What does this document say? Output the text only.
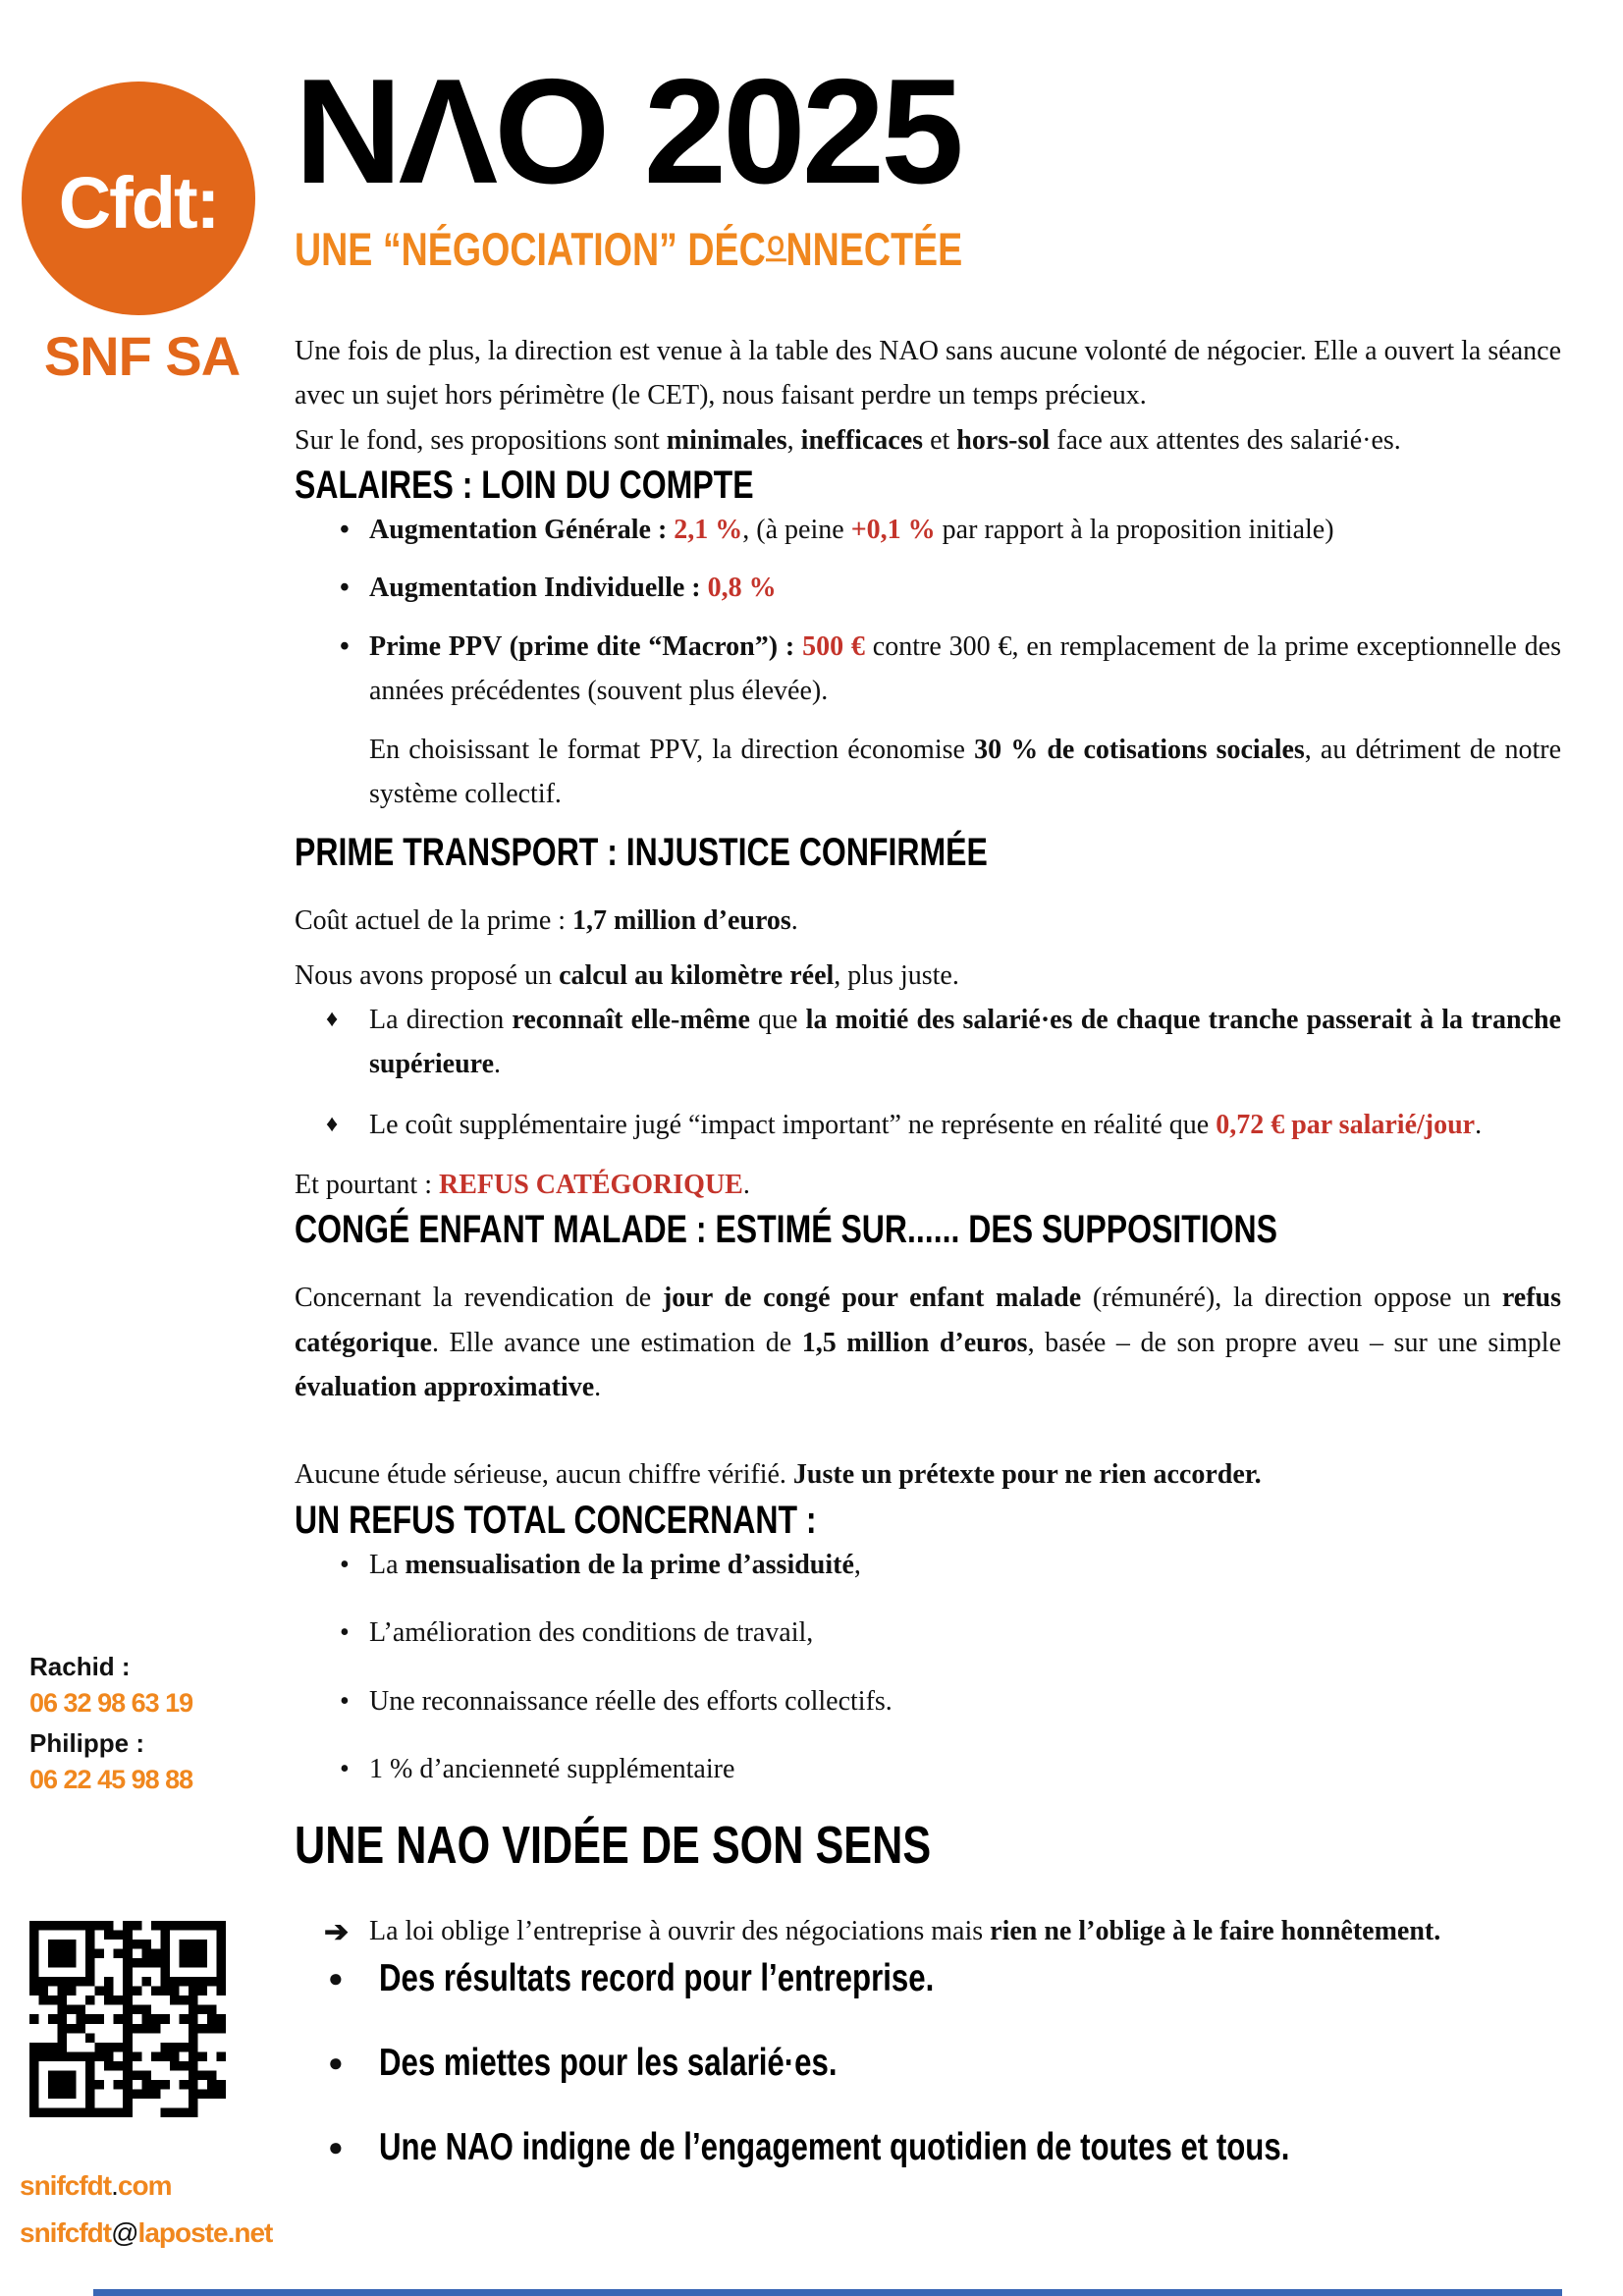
Cfdt:
SNF SA
Rachid :
06 32 98 63 19
Philippe :
06 22 45 98 88
snifcfdt.com
snifcfdt@laposte.net
NΛO 2025
UNE “NÉGOCIATION” DÉCONNECTÉE

Une fois de plus, la direction est venue à la table des NAO sans aucune volonté de négocier. Elle a ouvert la séance avec un sujet hors périmètre (le CET), nous faisant perdre un temps précieux.

Sur le fond, ses propositions sont minimales, inefficaces et hors-sol face aux attentes des salarié·es.

SALAIRES : LOIN DU COMPTE
• Augmentation Générale : 2,1 %, (à peine +0,1 % par rapport à la proposition initiale)
• Augmentation Individuelle : 0,8 %
• Prime PPV (prime dite “Macron”) : 500 € contre 300 €, en remplacement de la prime exceptionnelle des années précédentes (souvent plus élevée).

En choisissant le format PPV, la direction économise 30 % de cotisations sociales, au détriment de notre système collectif.

PRIME TRANSPORT : INJUSTICE CONFIRMÉE

Coût actuel de la prime : 1,7 million d’euros.

Nous avons proposé un calcul au kilomètre réel, plus juste.

♦	La direction reconnaît elle-même que la moitié des salarié·es de chaque tranche passerait à la tranche supérieure.
♦	Le coût supplémentaire jugé “impact important” ne représente en réalité que 0,72 € par salarié/jour.

Et pourtant : REFUS CATÉGORIQUE.

CONGÉ ENFANT MALADE : ESTIMÉ SUR...... DES SUPPOSITIONS

Concernant la revendication de jour de congé pour enfant malade (rémunéré), la direction oppose un refus catégorique. Elle avance une estimation de 1,5 million d’euros, basée – de son propre aveu – sur une simple évaluation approximative.

Aucune étude sérieuse, aucun chiffre vérifié. Juste un prétexte pour ne rien accorder.

UN REFUS TOTAL CONCERNANT :
• La mensualisation de la prime d’assiduité,
• L’amélioration des conditions de travail,
• Une reconnaissance réelle des efforts collectifs.
• 1 % d’ancienneté supplémentaire
UNE NAO VIDÉE DE SON SENS
➔ La loi oblige l’entreprise à ouvrir des négociations mais rien ne l’oblige à le faire honnêtement.
● Des résultats record pour l’entreprise.
● Des miettes pour les salarié·es.
● Une NAO indigne de l’engagement quotidien de toutes et tous.
